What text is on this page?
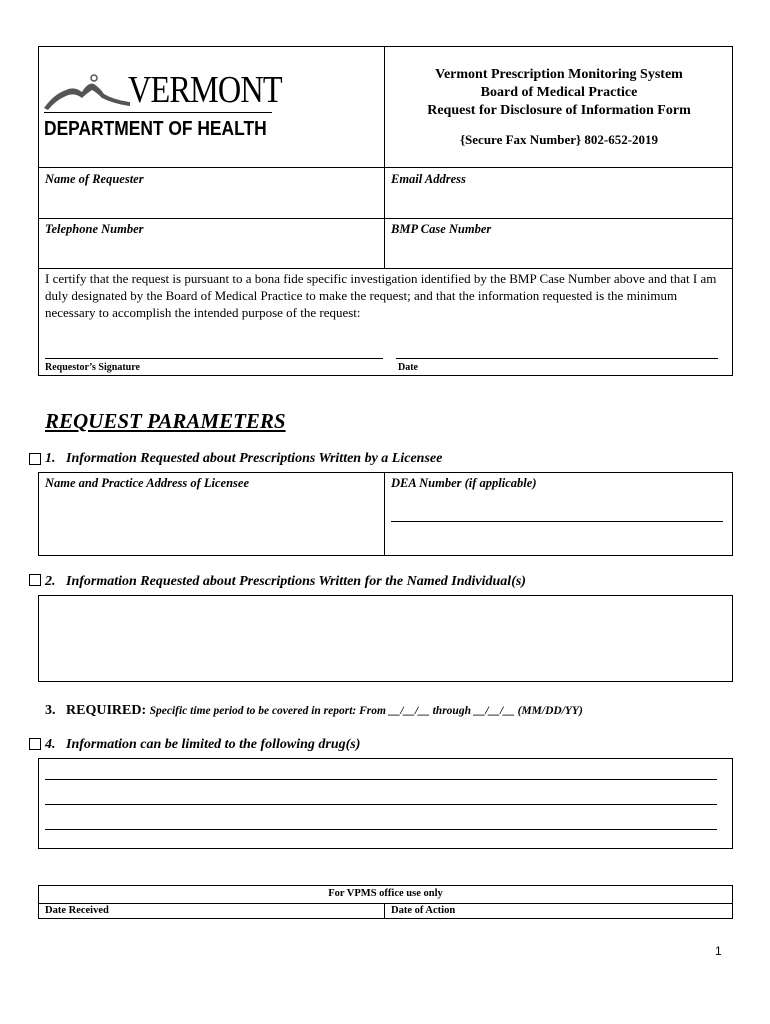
VERMONT
DEPARTMENT OF HEALTH
Vermont Prescription Monitoring System
Board of Medical Practice
Request for Disclosure of Information Form
{Secure Fax Number} 802-652-2019
Name of Requester	Email Address
Telephone Number	BMP Case Number
I certify that the request is pursuant to a bona fide specific investigation identified by the BMP Case Number above and that I am duly designated by the Board of Medical Practice to make the request; and that the information requested is the minimum necessary to accomplish the intended purpose of the request:
Requestor’s Signature	Date
REQUEST PARAMETERS
1. Information Requested about Prescriptions Written by a Licensee
Name and Practice Address of Licensee	DEA Number (if applicable)
2. Information Requested about Prescriptions Written for the Named Individual(s)
3. REQUIRED: Specific time period to be covered in report: From __/__/__ through __/__/__ (MM/DD/YY)
4. Information can be limited to the following drug(s)
For VPMS office use only
Date Received	Date of Action
1
